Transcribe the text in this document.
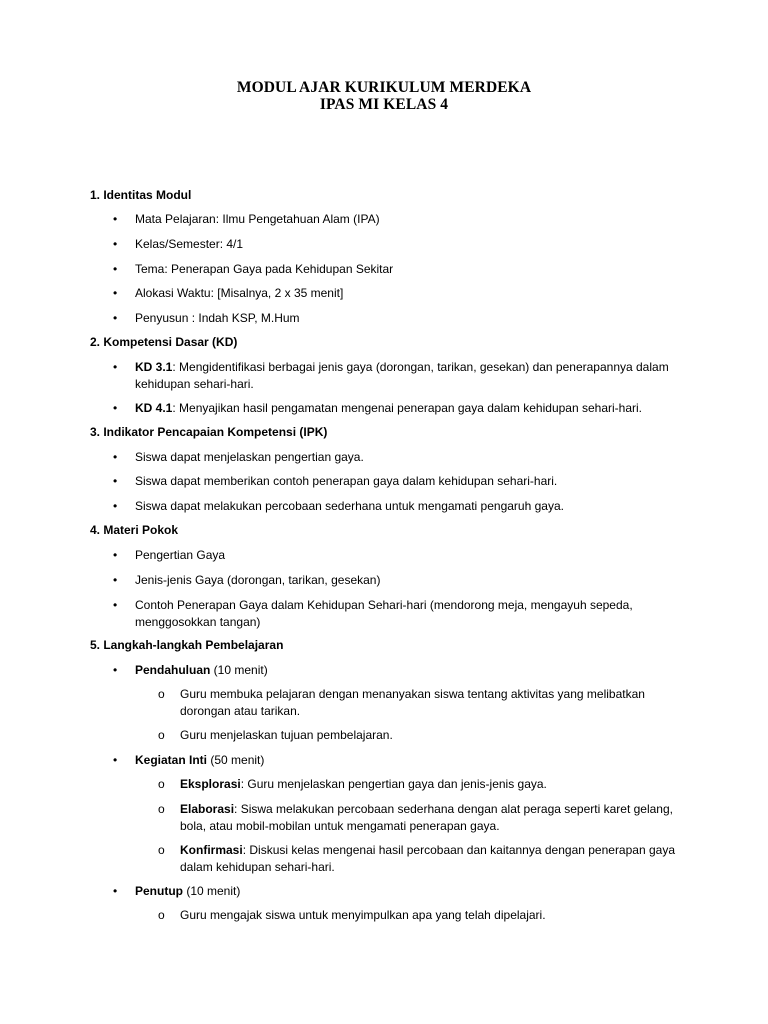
MODUL AJAR KURIKULUM MERDEKA
IPAS MI KELAS 4
1. Identitas Modul
• Mata Pelajaran: Ilmu Pengetahuan Alam (IPA)
• Kelas/Semester: 4/1
• Tema: Penerapan Gaya pada Kehidupan Sekitar
• Alokasi Waktu: [Misalnya, 2 x 35 menit]
• Penyusun : Indah KSP, M.Hum
2. Kompetensi Dasar (KD)
• KD 3.1: Mengidentifikasi berbagai jenis gaya (dorongan, tarikan, gesekan) dan penerapannya dalam kehidupan sehari-hari.
• KD 4.1: Menyajikan hasil pengamatan mengenai penerapan gaya dalam kehidupan sehari-hari.
3. Indikator Pencapaian Kompetensi (IPK)
• Siswa dapat menjelaskan pengertian gaya.
• Siswa dapat memberikan contoh penerapan gaya dalam kehidupan sehari-hari.
• Siswa dapat melakukan percobaan sederhana untuk mengamati pengaruh gaya.
4. Materi Pokok
• Pengertian Gaya
• Jenis-jenis Gaya (dorongan, tarikan, gesekan)
• Contoh Penerapan Gaya dalam Kehidupan Sehari-hari (mendorong meja, mengayuh sepeda, menggosokkan tangan)
5. Langkah-langkah Pembelajaran
• Pendahuluan (10 menit)
o Guru membuka pelajaran dengan menanyakan siswa tentang aktivitas yang melibatkan dorongan atau tarikan.
o Guru menjelaskan tujuan pembelajaran.
• Kegiatan Inti (50 menit)
o Eksplorasi: Guru menjelaskan pengertian gaya dan jenis-jenis gaya.
o Elaborasi: Siswa melakukan percobaan sederhana dengan alat peraga seperti karet gelang, bola, atau mobil-mobilan untuk mengamati penerapan gaya.
o Konfirmasi: Diskusi kelas mengenai hasil percobaan dan kaitannya dengan penerapan gaya dalam kehidupan sehari-hari.
• Penutup (10 menit)
o Guru mengajak siswa untuk menyimpulkan apa yang telah dipelajari.
